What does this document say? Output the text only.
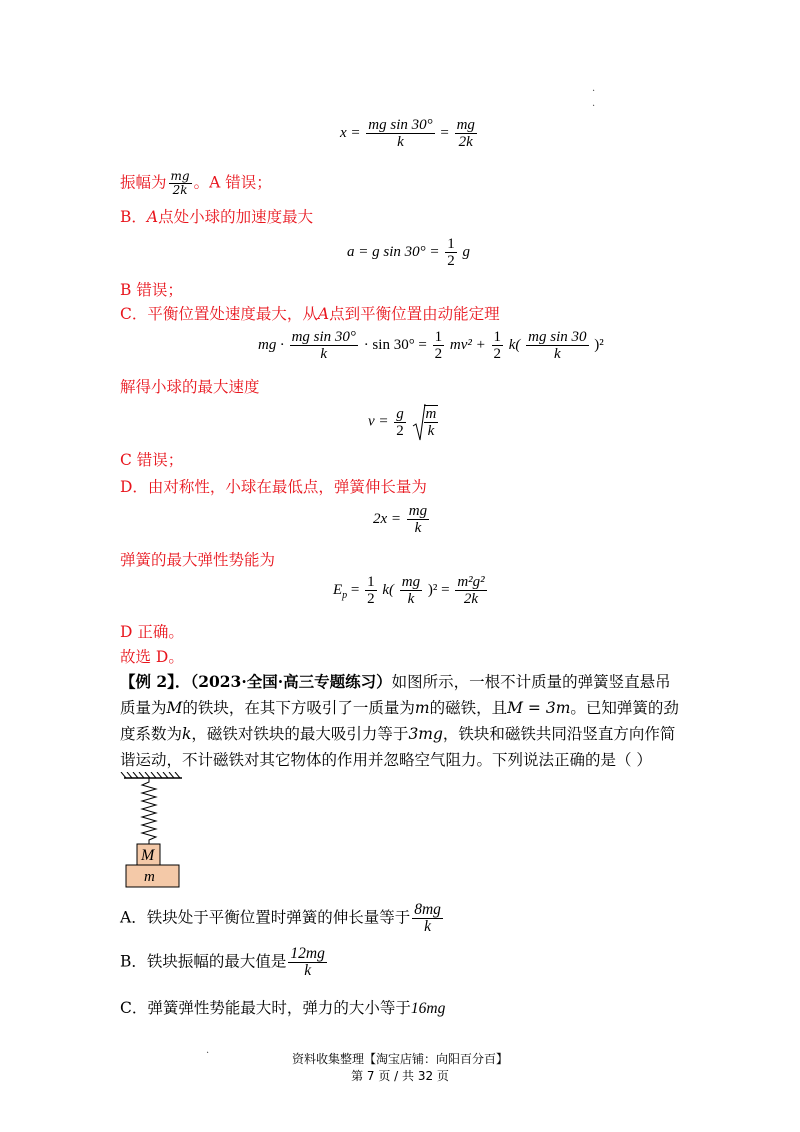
·
·
$x = \frac{\text{mg sin 30°}}{k} = \frac{mg}{2k}$
振幅为 $\frac{mg}{2k}$ 。A 错误；
B．A点处小球的加速度最大
a = g $\sin 30^\circ = \frac{1}{2}$ g
B 错误；
C．平衡位置处速度最大，从A点到平衡位置由动能定理
mg · $\frac{\text{mg sin 30°}}{k} \cdot \sin 30^\circ = \frac{1}{2} mv^2 + \frac{1}{2} k( \frac{\text{mg sin 30}}{k} )^2$
解得小球的最大速度
$v = \frac{g}{2}$
$\frac{m}{k}$
C 错误；
D．由对称性，小球在最低点，弹簧伸长量为
$2x = \frac{mg}{k}$
弹簧的最大弹性势能为
$E_p = \frac{1}{2} k( \frac{mg}{k} )^2 = \frac{\text{m²g²}}{2k}$
D 正确。
故选 D。
【例 2】．（2023·全国·高三专题练习）如图所示，一根不计质量的弹簧竖直悬吊质量为M的铁块，在其下方吸引了一质量为m的磁铁，且M = 3m。已知弹簧的劲度系数为k，磁铁对铁块的最大吸引力等于3mg，铁块和磁铁共同沿竖直方向作简谐运动，不计磁铁对其它物体的作用并忽略空气阻力。下列说法正确的是（ ）
M
m
A．铁块处于平衡位置时弹簧的伸长量等于 $\frac{8mg}{k}$
B．铁块振幅的最大值是 $\frac{12mg}{k}$
C．弹簧弹性势能最大时，弹力的大小等于16mg
·	资料收集整理【淘宝店铺：向阳百分百】
第 7 页 / 共 32 页
